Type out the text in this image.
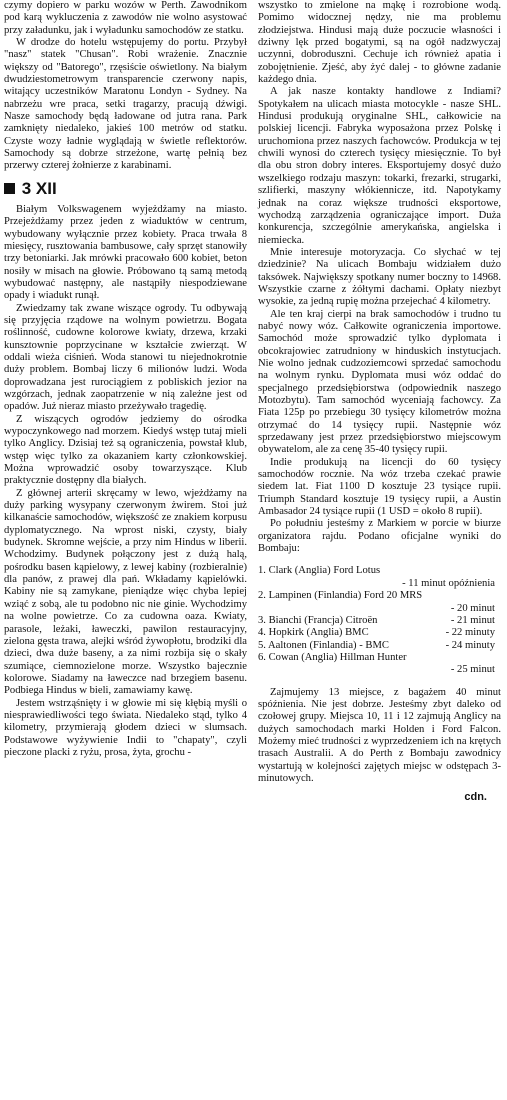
czymy dopiero w parku wozów w Perth. Zawodnikom pod karą wykluczenia z zawodów nie wolno asystować przy załadunku, jak i wyładunku samochodów ze statku.

W drodze do hotelu wstępujemy do portu. Przybył "nasz" statek "Chusan". Robi wrażenie. Znacznie większy od "Batorego", rzęsiście oświetlony. Na białym dwudziestometrowym transparencie czerwony napis, witający uczestników Maratonu Londyn - Sydney. Na nabrzeżu wre praca, setki tragarzy, pracują dźwigi. Nasze samochody będą ładowane od jutra rana. Park zamknięty niedaleko, jakieś 100 metrów od statku. Czyste wozy ładnie wyglądają w świetle reflektorów. Samochody są dobrze strzeżone, wartę pełnią bez przerwy czterej żołnierze z karabinami.

3 XII

Białym Volkswagenem wyjeżdżamy na miasto. Przejeżdżamy przez jeden z wiaduktów w centrum, wybudowany wyłącznie przez kobiety. Praca trwała 8 miesięcy, rusztowania bambusowe, cały sprzęt stanowiły trzy betoniarki. Jak mrówki pracowało 600 kobiet, beton nosiły w misach na głowie. Próbowano tą samą metodą wybudować następny, ale nastąpiły niespodziewane opady i wiadukt runął.

Zwiedzamy tak zwane wiszące ogrody. Tu odbywają się przyjęcia rządowe na wolnym powietrzu. Bogata roślinność, cudowne kolorowe kwiaty, drzewa, krzaki kunsztownie poprzycinane w kształcie zwierząt. W oddali wieża ciśnień. Woda stanowi tu niejednokrotnie duży problem. Bombaj liczy 6 milionów ludzi. Woda doprowadzana jest rurociągiem z pobliskich jezior na wzgórzach, jednak zaopatrzenie w nią zależne jest od opadów. Już nieraz miasto przeżywało tragedię.

Z wiszących ogrodów jedziemy do ośrodka wypoczynkowego nad morzem. Kiedyś wstęp tutaj mieli tylko Anglicy. Dzisiaj też są ograniczenia, powstał klub, wstęp więc tylko za okazaniem karty członkowskiej. Można wprowadzić osoby towarzyszące. Klub praktycznie dostępny dla białych.

Z głównej arterii skręcamy w lewo, wjeżdżamy na duży parking wysypany czerwonym żwirem. Stoi już kilkanaście samochodów, większość ze znakiem korpusu dyplomatycznego. Na wprost niski, czysty, biały budynek. Skromne wejście, a przy nim Hindus w liberii. Wchodzimy. Budynek połączony jest z dużą halą, pośrodku basen kąpielowy, z lewej kabiny (rozbieralnie) dla panów, z prawej dla pań. Wkładamy kąpielówki. Kabiny nie są zamykane, pieniądze więc chyba lepiej wziąć z sobą, ale tu podobno nic nie ginie. Wychodzimy na wolne powietrze. Co za cudowna oaza. Kwiaty, parasole, leżaki, ławeczki, pawilon restauracyjny, zielona gęsta trawa, alejki wśród żywopłotu, brodziki dla dzieci, dwa duże baseny, a za nimi rozbija się o skały szumiące, ciemnozielone morze. Wszystko bajecznie kolorowe. Siadamy na ławeczce nad brzegiem basenu. Podbiega Hindus w bieli, zamawiamy kawę.

Jestem wstrząśnięty i w głowie mi się kłębią myśli o niesprawiedliwości tego świata. Niedaleko stąd, tylko 4 kilometry, przymierają głodem dzieci w slumsach. Podstawowe wyżywienie Indii to "chapaty", czyli pieczone placki z ryżu, prosa, żyta, grochu -

wszystko to zmielone na mąkę i rozrobione wodą. Pomimo widocznej nędzy, nie ma problemu złodziejstwa. Hindusi mają duże poczucie własności i dziwny lęk przed bogatymi, są na ogół nadzwyczaj uczynni, dobroduszni. Cechuje ich również apatia i zobojętnienie. Zjeść, aby żyć dalej - to główne zadanie każdego dnia.

A jak nasze kontakty handlowe z Indiami? Spotykałem na ulicach miasta motocykle - nasze SHL. Hindusi produkują oryginalne SHL, całkowicie na polskiej licencji. Fabryka wyposażona przez Polskę i uruchomiona przez naszych fachowców. Produkcja w tej chwili wynosi do czterech tysięcy miesięcznie. To był dla obu stron dobry interes. Eksportujemy dosyć dużo wszelkiego rodzaju maszyn: tokarki, frezarki, strugarki, szlifierki, maszyny włókiennicze, itd. Napotykamy jednak na coraz większe trudności eksportowe, wychodzą zarządzenia ograniczające import. Duża konkurencja, szczególnie amerykańska, angielska i niemiecka.

Mnie interesuje motoryzacja. Co słychać w tej dziedzinie? Na ulicach Bombaju widziałem dużo taksówek. Największy spotkany numer boczny to 14968. Wszystkie czarne z żółtymi dachami. Opłaty niezbyt wysokie, za jedną rupię można przejechać 4 kilometry.

Ale ten kraj cierpi na brak samochodów i trudno tu nabyć nowy wóz. Całkowite ograniczenia importowe. Samochód może sprowadzić tylko dyplomata i obcokrajowiec zatrudniony w hinduskich instytucjach. Nie wolno jednak cudzoziemcowi sprzedać samochodu na wolnym rynku. Dyplomata musi wóz oddać do specjalnego przedsiębiorstwa (odpowiednik naszego Motozbytu). Tam samochód wyceniają fachowcy. Za Fiata 125p po przebiegu 30 tysięcy kilometrów można otrzymać do 14 tysięcy rupii. Następnie wóz sprzedawany jest przez przedsiębiorstwo miejscowym obywatelom, ale za cenę 35-40 tysięcy rupii.

Indie produkują na licencji do 60 tysięcy samochodów rocznie. Na wóz trzeba czekać prawie siedem lat. Fiat 1100 D kosztuje 23 tysiące rupii. Triumph Standard kosztuje 19 tysięcy rupii, a Austin Ambasador 24 tysiące rupii (1 USD = około 8 rupii).

Po południu jesteśmy z Markiem w porcie w biurze organizatora rajdu. Podano oficjalne wyniki do Bombaju:

1. Clark (Anglia) Ford Lotus
- 11 minut opóźnienia
2. Lampinen (Finlandia) Ford 20 MRS
- 20 minut
3. Bianchi (Francja) Citroën	- 21 minut
4. Hopkirk (Anglia) BMC	- 22 minuty
5. Aaltonen (Finlandia) - BMC	- 24 minuty
6. Cowan (Anglia) Hillman Hunter
- 25 minut

Zajmujemy 13 miejsce, z bagażem 40 minut spóźnienia. Nie jest dobrze. Jesteśmy zbyt daleko od czołowej grupy. Miejsca 10, 11 i 12 zajmują Anglicy na dużych samochodach marki Holden i Ford Falcon. Możemy mieć trudności z wyprzedzeniem ich na krętych trasach Australii. A do Perth z Bombaju zawodnicy wystartują w kolejności zajętych miejsc w odstępach 3-minutowych.

cdn.
